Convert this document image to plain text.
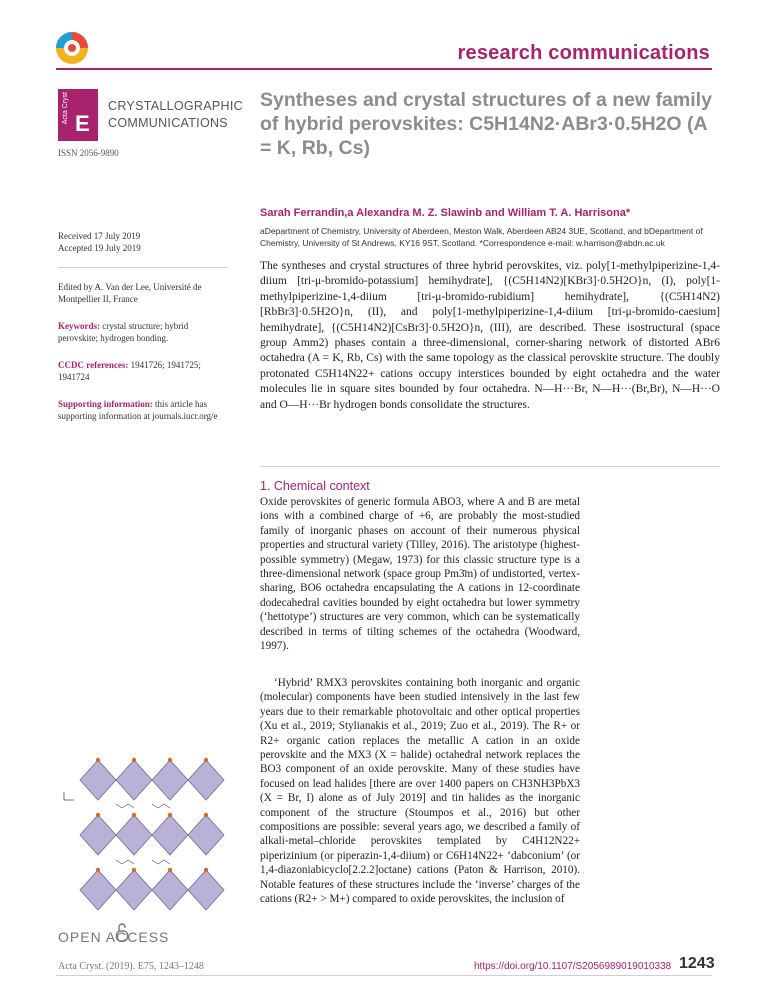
research communications
Acta Cryst E
CRYSTALLOGRAPHIC
COMMUNICATIONS
ISSN 2056-9890
Syntheses and crystal structures of a new family of hybrid perovskites: C5H14N2·ABr3·0.5H2O (A = K, Rb, Cs)
Sarah Ferrandin,a Alexandra M. Z. Slawinb and William T. A. Harrisona*
aDepartment of Chemistry, University of Aberdeen, Meston Walk, Aberdeen AB24 3UE, Scotland, and bDepartment of Chemistry, University of St Andrews, KY16 9ST, Scotland. *Correspondence e-mail: w.harrison@abdn.ac.uk
Received 17 July 2019
Accepted 19 July 2019
Edited by A. Van der Lee, Université de Montpellier II, France
Keywords: crystal structure; hybrid perovskite; hydrogen bonding.
CCDC references: 1941726; 1941725; 1941724
Supporting information: this article has supporting information at journals.iucr.org/e
The syntheses and crystal structures of three hybrid perovskites, viz. poly[1-methylpiperizine-1,4-diium [tri-μ-bromido-potassium] hemihydrate], {(C5H14N2)[KBr3]·0.5H2O}n, (I), poly[1-methylpiperizine-1,4-diium [tri-μ-bromido-rubidium] hemihydrate], {(C5H14N2)[RbBr3]·0.5H2O}n, (II), and poly[1-methylpiperizine-1,4-diium [tri-μ-bromido-caesium] hemihydrate], {(C5H14N2)[CsBr3]·0.5H2O}n, (III), are described. These isostructural (space group Amm2) phases contain a three-dimensional, corner-sharing network of distorted ABr6 octahedra (A = K, Rb, Cs) with the same topology as the classical perovskite structure. The doubly protonated C5H14N22+ cations occupy interstices bounded by eight octahedra and the water molecules lie in square sites bounded by four octahedra. N—H···Br, N—H···(Br,Br), N—H···O and O—H···Br hydrogen bonds consolidate the structures.
1. Chemical context
Oxide perovskites of generic formula ABO3, where A and B are metal ions with a combined charge of +6, are probably the most-studied family of inorganic phases on account of their numerous physical properties and structural variety (Tilley, 2016). The aristotype (highest-possible symmetry) (Megaw, 1973) for this classic structure type is a three-dimensional network (space group Pm3̄m) of undistorted, vertex-sharing, BO6 octahedra encapsulating the A cations in 12-coordinate dodecahedral cavities bounded by eight octahedra but lower symmetry (‘hettotype’) structures are very common, which can be systematically described in terms of tilting schemes of the octahedra (Woodward, 1997).
‘Hybrid’ RMX3 perovskites containing both inorganic and organic (molecular) components have been studied intensively in the last few years due to their remarkable photovoltaic and other optical properties (Xu et al., 2019; Stylianakis et al., 2019; Zuo et al., 2019). The R+ or R2+ organic cation replaces the metallic A cation in an oxide perovskite and the MX3 (X = halide) octahedral network replaces the BO3 component of an oxide perovskite. Many of these studies have focused on lead halides [there are over 1400 papers on CH3NH3PbX3 (X = Br, I) alone as of July 2019] and tin halides as the inorganic component of the structure (Stoumpos et al., 2016) but other compositions are possible: several years ago, we described a family of alkali-metal–chloride perovskites templated by C4H12N22+ piperizinium (or piperazin-1,4-diium) or C6H14N22+ ‘dabconium’ (or 1,4-diazoniabicyclo[2.2.2]octane) cations (Paton & Harrison, 2010). Notable features of these structures include the ‘inverse’ charges of the cations (R2+ > M+) compared to oxide perovskites, the inclusion of
OPEN ACCESS
Acta Cryst. (2019). E75, 1243–1248	https://doi.org/10.1107/S2056989019010338 1243
